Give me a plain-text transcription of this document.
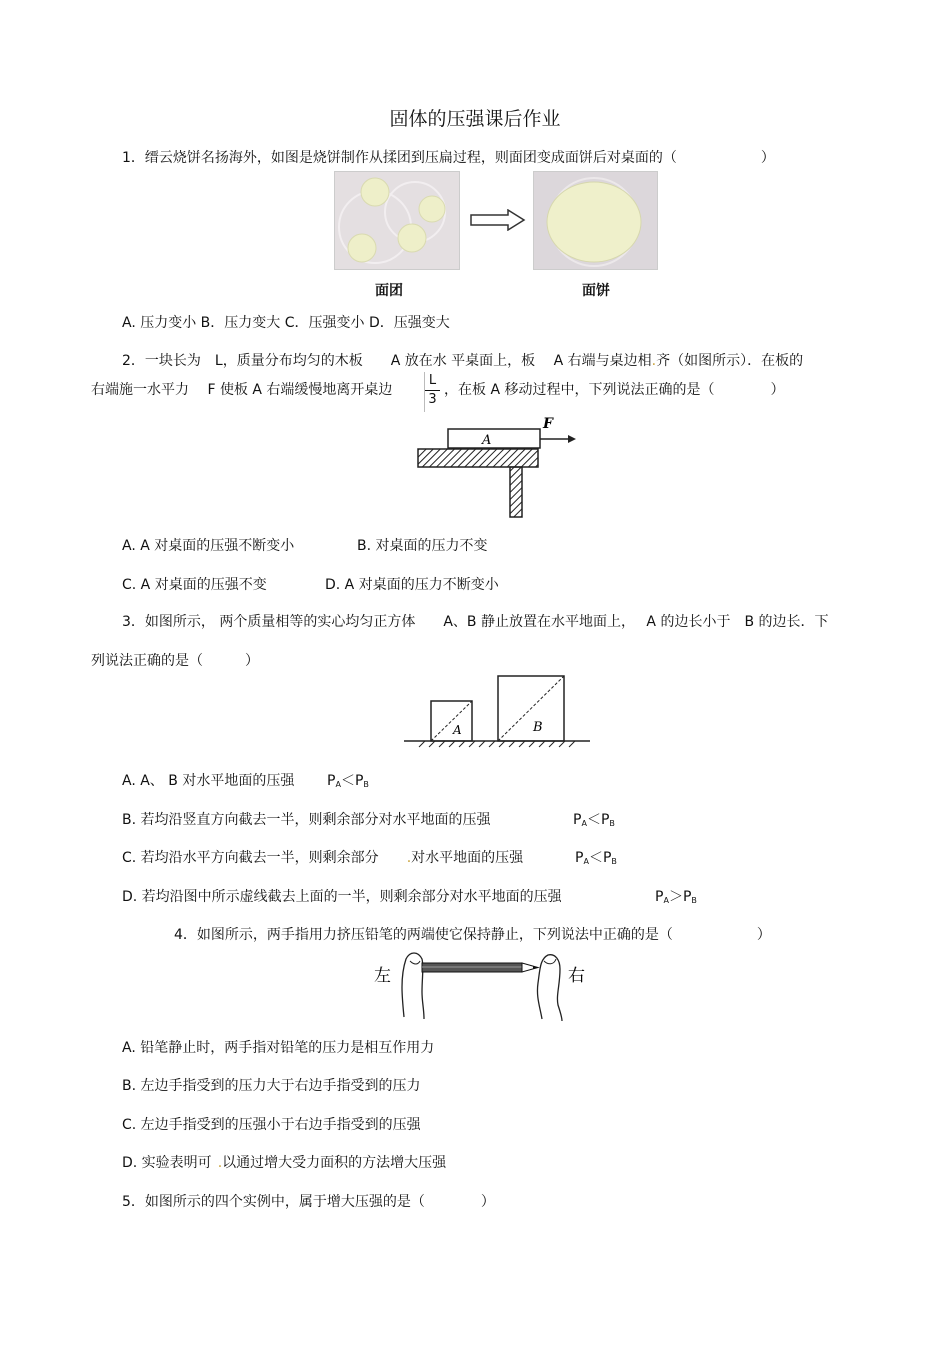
固体的压强课后作业
1．缙云烧饼名扬海外，如图是烧饼制作从揉团到压扁过程，则面团变成面饼后对桌面的（　　　　　　）
面团	面饼
A. 压力变小 B．压力变大 C．压强变小 D．压强变大
2．一块长为　L，质量分布均匀的木板　　A 放在水 平桌面上，板　 A 右端与桌边相.齐（如图所示）．在板的
右端施一水平力　 F 使板 A 右端缓慢地离开桌边 $\frac{L}{3}$ ，在板 A 移动过程中，下列说法正确的是（　　　　）
A
F
A. A 对桌面的压强不断变小	B. 对桌面的压力不变
C. A 对桌面的压强不变	D. A 对桌面的压力不断变小
3．如图所示， 两个质量相等的实心均匀正方体　　A、B 静止放置在水平地面上，　 A 的边长小于　B 的边长．下
列说法正确的是（　　　）
A	B
A. A、 B 对水平地面的压强 $P_A<P_B$
B. 若均沿竖直方向截去一半，则剩余部分对水平地面的压强	$P_A<P_B$
C. 若均沿水平方向截去一半，则剩余部分 .对水平地面的压强	$P_A<P_B$
D. 若均沿图中所示虚线截去上面的一半，则剩余部分对水平地面的压强	$P_A>P_B$
4．如图所示，两手指用力挤压铅笔的两端使它保持静止，下列说法中正确的是（　　　　　　）
左	右
A. 铅笔静止时，两手指对铅笔的压力是相互作用力
B. 左边手指受到的压力大于右边手指受到的压力
C. 左边手指受到的压强小于右边手指受到的压强
D. 实验表明可 .以通过增大受力面积的方法增大压强
5．如图所示的四个实例中，属于增大压强的是（　　　　）
